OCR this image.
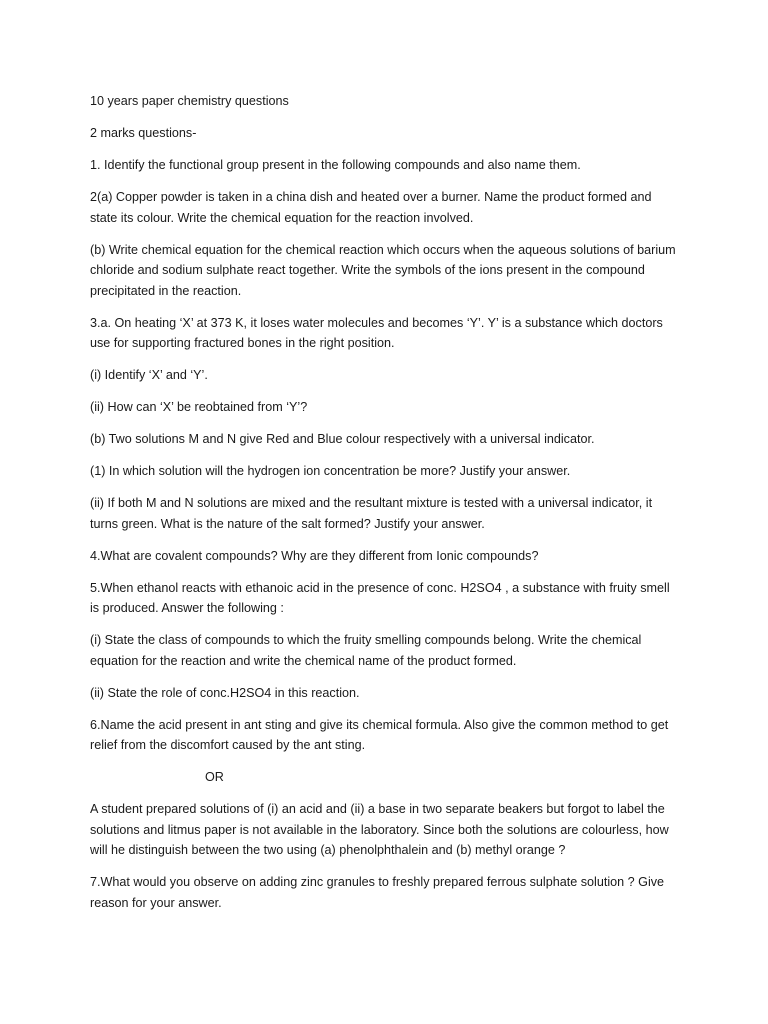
10 years paper chemistry questions

2 marks questions-

1. Identify the functional group present in the following compounds and also name them.

2(a) Copper powder is taken in a china dish and heated over a burner. Name the product formed and state its colour. Write the chemical equation for the reaction involved.

(b) Write chemical equation for the chemical reaction which occurs when the aqueous solutions of barium chloride and sodium sulphate react together. Write the symbols of the ions present in the compound precipitated in the reaction.

3.a. On heating ‘X’ at 373 K, it loses water molecules and becomes ‘Y’. Y’ is a substance which doctors use for supporting fractured bones in the right position.

(i) Identify ‘X’ and ‘Y’.

(ii) How can ‘X’ be reobtained from ‘Y’?

(b) Two solutions M and N give Red and Blue colour respectively with a universal indicator.

(1) In which solution will the hydrogen ion concentration be more? Justify your answer.

(ii) If both M and N solutions are mixed and the resultant mixture is tested with a universal indicator, it turns green. What is the nature of the salt formed? Justify your answer.

4.What are covalent compounds? Why are they different from Ionic compounds?

5.When ethanol reacts with ethanoic acid in the presence of conc. H2SO4 , a substance with fruity smell is produced. Answer the following :

(i) State the class of compounds to which the fruity smelling compounds belong. Write the chemical equation for the reaction and write the chemical name of the product formed.

(ii) State the role of conc.H2SO4 in this reaction.

6.Name the acid present in ant sting and give its chemical formula. Also give the common method to get relief from the discomfort caused by the ant sting.

OR

A student prepared solutions of (i) an acid and (ii) a base in two separate beakers but forgot to label the solutions and litmus paper is not available in the laboratory. Since both the solutions are colourless, how will he distinguish between the two using (a) phenolphthalein and (b) methyl orange ?

7.What would you observe on adding zinc granules to freshly prepared ferrous sulphate solution ? Give reason for your answer.
